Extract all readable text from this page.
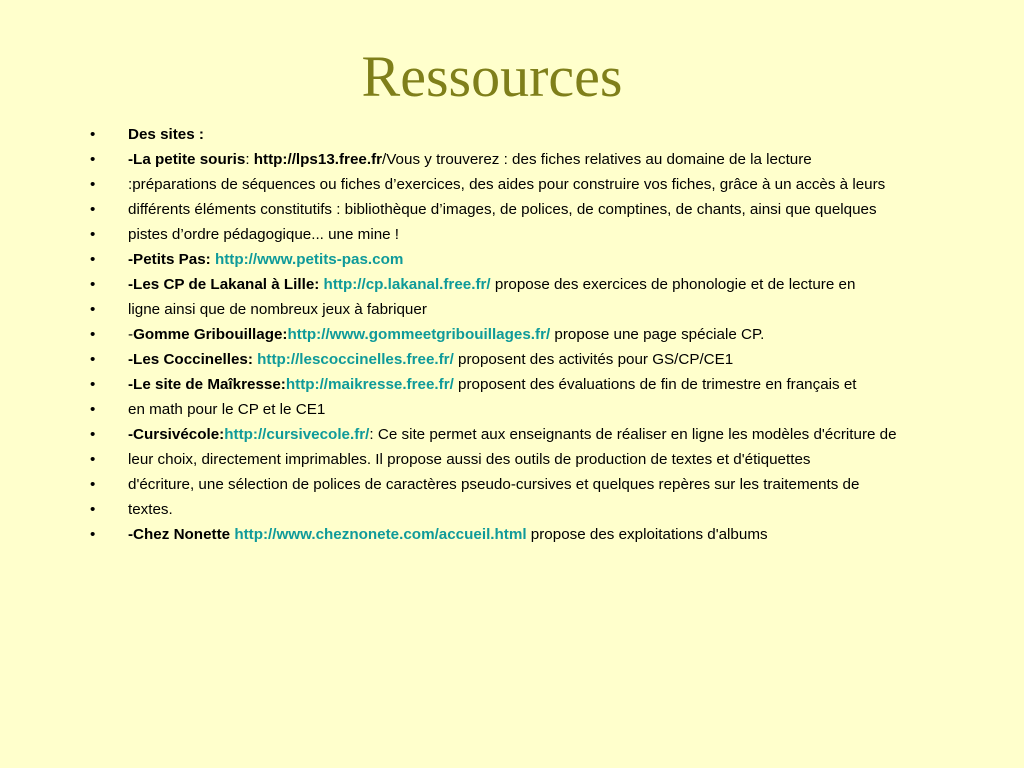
Ressources
• Des sites :
• -La petite souris: http://lps13.free.fr/Vous y trouverez : des fiches relatives au domaine de la lecture
• :préparations de séquences ou fiches d’exercices, des aides pour construire vos fiches, grâce à un accès à leurs
• différents éléments constitutifs : bibliothèque d’images, de polices, de comptines, de chants, ainsi que quelques
• pistes d’ordre pédagogique... une mine !
• -Petits Pas: http://www.petits-pas.com
• -Les CP de Lakanal à Lille: http://cp.lakanal.free.fr/ propose des exercices de phonologie et de lecture en
• ligne ainsi que de nombreux jeux à fabriquer
• -Gomme Gribouillage:http://www.gommeetgribouillages.fr/ propose une page spéciale CP.
• -Les Coccinelles: http://lescoccinelles.free.fr/ proposent des activités pour GS/CP/CE1
• -Le site de Maîkresse:http://maikresse.free.fr/ proposent des évaluations de fin de trimestre en français et
• en math pour le CP et le CE1
• -Cursivécole:http://cursivecole.fr/: Ce site permet aux enseignants de réaliser en ligne les modèles d'écriture de
• leur choix, directement imprimables. Il propose aussi des outils de production de textes et d'étiquettes
• d'écriture, une sélection de polices de caractères pseudo-cursives et quelques repères sur les traitements de
• textes.
• -Chez Nonette http://www.cheznonete.com/accueil.html propose des exploitations d'albums
